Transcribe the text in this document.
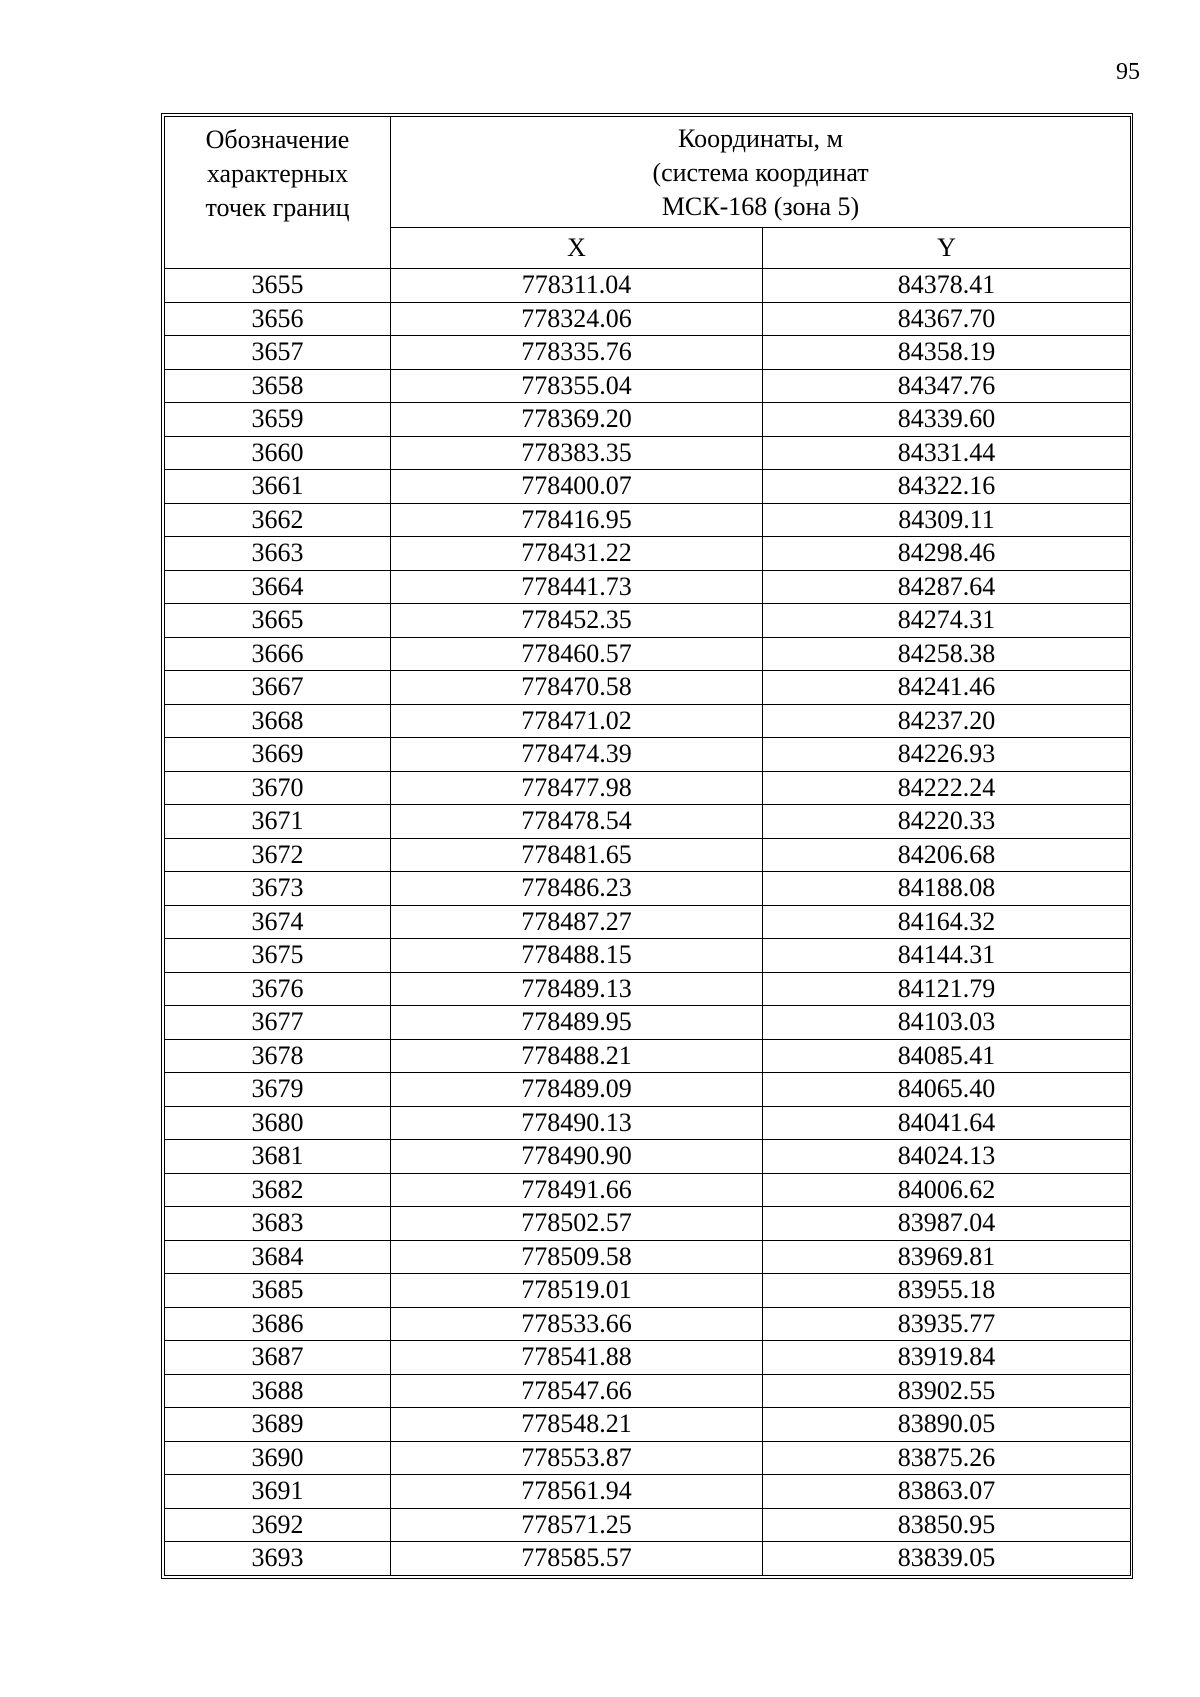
95
Обозначение
характерных
точек границ	Координаты, м
(система координат
МСК-168 (зона 5)	

	X	Y
3655	778311.04	84378.41
3656	778324.06	84367.70
3657	778335.76	84358.19
3658	778355.04	84347.76
3659	778369.20	84339.60
3660	778383.35	84331.44
3661	778400.07	84322.16
3662	778416.95	84309.11
3663	778431.22	84298.46
3664	778441.73	84287.64
3665	778452.35	84274.31
3666	778460.57	84258.38
3667	778470.58	84241.46
3668	778471.02	84237.20
3669	778474.39	84226.93
3670	778477.98	84222.24
3671	778478.54	84220.33
3672	778481.65	84206.68
3673	778486.23	84188.08
3674	778487.27	84164.32
3675	778488.15	84144.31
3676	778489.13	84121.79
3677	778489.95	84103.03
3678	778488.21	84085.41
3679	778489.09	84065.40
3680	778490.13	84041.64
3681	778490.90	84024.13
3682	778491.66	84006.62
3683	778502.57	83987.04
3684	778509.58	83969.81
3685	778519.01	83955.18
3686	778533.66	83935.77
3687	778541.88	83919.84
3688	778547.66	83902.55
3689	778548.21	83890.05
3690	778553.87	83875.26
3691	778561.94	83863.07
3692	778571.25	83850.95
3693	778585.57	83839.05
